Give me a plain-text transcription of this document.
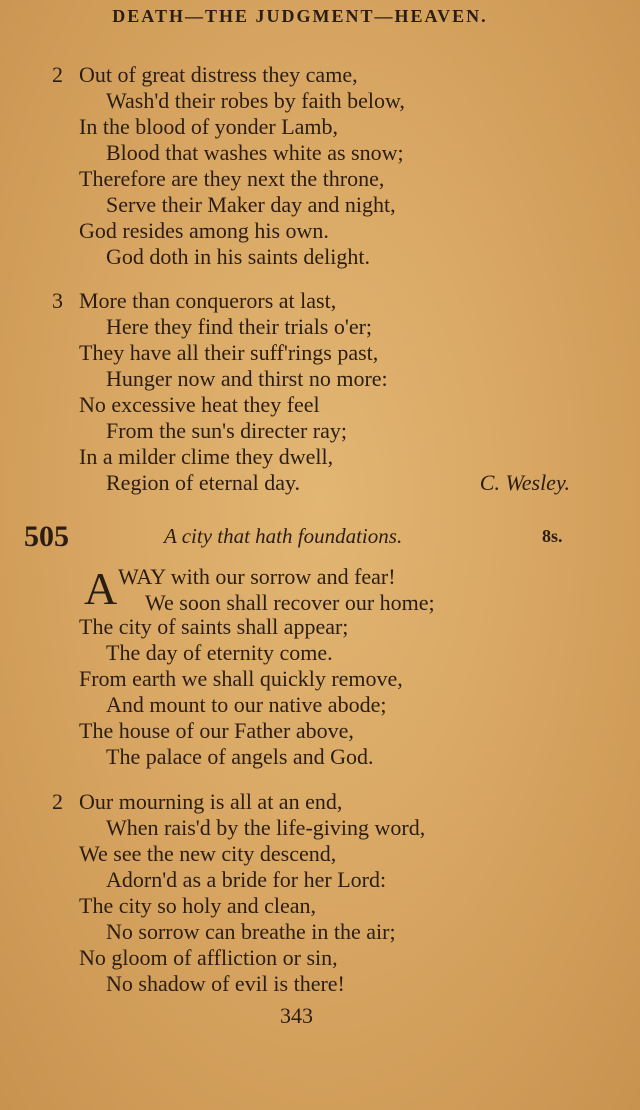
DEATH—THE JUDGMENT—HEAVEN.
2 Out of great distress they came,
Wash'd their robes by faith below,
In the blood of yonder Lamb,
Blood that washes white as snow;
Therefore are they next the throne,
Serve their Maker day and night,
God resides among his own.
God doth in his saints delight.
3 More than conquerors at last,
Here they find their trials o'er;
They have all their suff'rings past,
Hunger now and thirst no more:
No excessive heat they feel
From the sun's directer ray;
In a milder clime they dwell,
Region of eternal day.	C. Wesley.
505	A city that hath foundations.	8s.
A WAY with our sorrow and fear!
We soon shall recover our home;
The city of saints shall appear;
The day of eternity come.
From earth we shall quickly remove,
And mount to our native abode;
The house of our Father above,
The palace of angels and God.
2 Our mourning is all at an end,
When rais'd by the life-giving word,
We see the new city descend,
Adorn'd as a bride for her Lord:
The city so holy and clean,
No sorrow can breathe in the air;
No gloom of affliction or sin,
No shadow of evil is there!
343
